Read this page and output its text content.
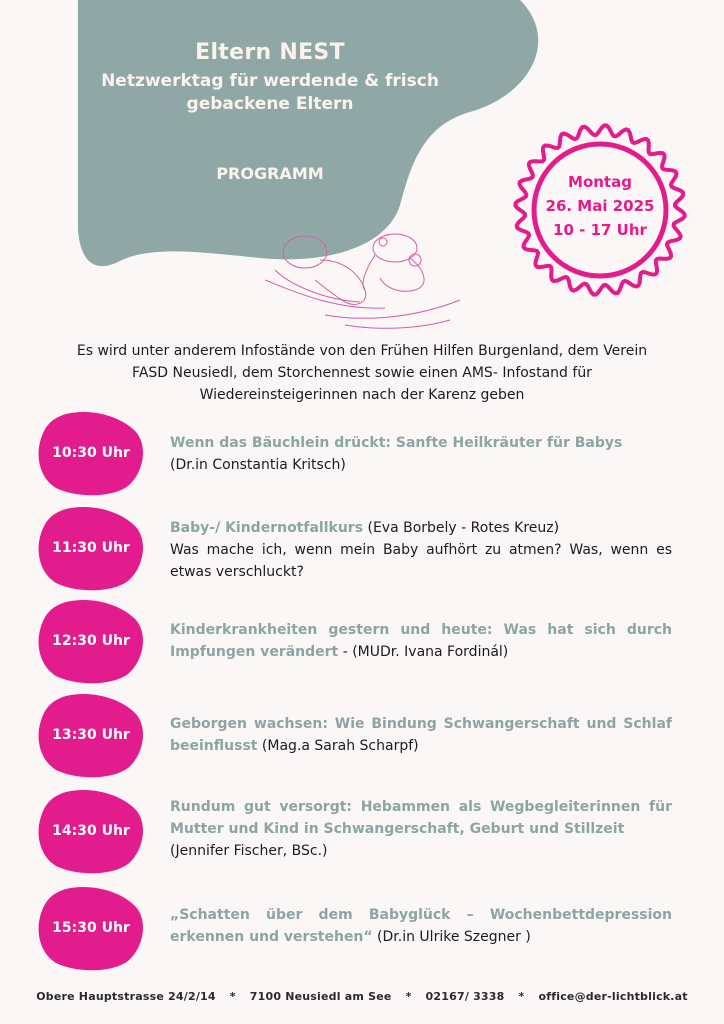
Eltern NEST
Netzwerktag für werdende & frisch
gebackene Eltern
PROGRAMM	Montag
26. Mai 2025
10 - 17 Uhr
Es wird unter anderem Infostände von den Frühen Hilfen Burgenland, dem Verein
FASD Neusiedl, dem Storchennest sowie einen AMS- Infostand für
Wiedereinsteigerinnen nach der Karenz geben
10:30 Uhr
Wenn das Bäuchlein drückt: Sanfte Heilkräuter für Babys
(Dr.in Constantia Kritsch)
11:30 Uhr
Baby-/ Kindernotfallkurs (Eva Borbely - Rotes Kreuz)
Was mache ich, wenn mein Baby aufhört zu atmen? Was, wenn es etwas verschluckt?
12:30 Uhr
Kinderkrankheiten gestern und heute: Was hat sich durch Impfungen verändert - (MUDr. Ivana Fordinál)
13:30 Uhr
Geborgen wachsen: Wie Bindung Schwangerschaft und Schlaf beeinflusst (Mag.a Sarah Scharpf)
14:30 Uhr
Rundum gut versorgt: Hebammen als Wegbegleiterinnen für Mutter und Kind in Schwangerschaft, Geburt und Stillzeit
(Jennifer Fischer, BSc.)
15:30 Uhr
„Schatten über dem Babyglück – Wochenbettdepression erkennen und verstehen“ (Dr.in Ulrike Szegner )
Obere Hauptstrasse 24/2/14 * 7100 Neusiedl am See * 02167/ 3338 * office@der-lichtblick.at
